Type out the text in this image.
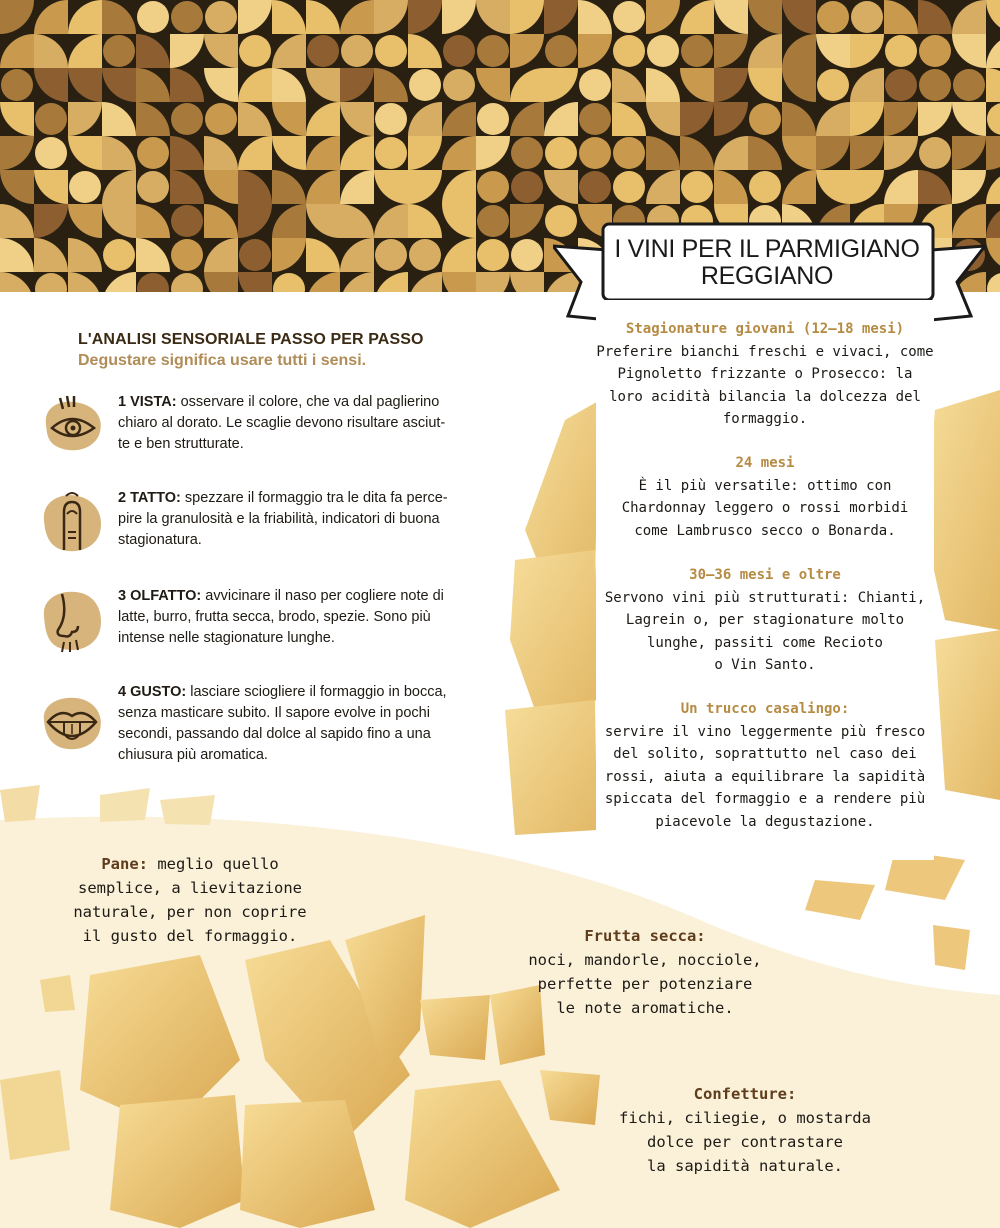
I VINI PER IL PARMIGIANO
REGGIANO
L'ANALISI SENSORIALE PASSO PER PASSO
Degustare significa usare tutti i sensi.
1 VISTA: osservare il colore, che va dal paglierino
chiaro al dorato. Le scaglie devono risultare asciut-
te e ben strutturate.
2 TATTO: spezzare il formaggio tra le dita fa perce-
pire la granulosità e la friabilità, indicatori di buona
stagionatura.
3 OLFATTO: avvicinare il naso per cogliere note di
latte, burro, frutta secca, brodo, spezie. Sono più
intense nelle stagionature lunghe.
4 GUSTO: lasciare sciogliere il formaggio in bocca,
senza masticare subito. Il sapore evolve in pochi
secondi, passando dal dolce al sapido fino a una
chiusura più aromatica.
Stagionature giovani (12–18 mesi)
Preferire bianchi freschi e vivaci, come
Pignoletto frizzante o Prosecco: la
loro acidità bilancia la dolcezza del
formaggio.
24 mesi
È il più versatile: ottimo con
Chardonnay leggero o rossi morbidi
come Lambrusco secco o Bonarda.
30–36 mesi e oltre
Servono vini più strutturati: Chianti,
Lagrein o, per stagionature molto
lunghe, passiti come Recioto
o Vin Santo.
Un trucco casalingo:
servire il vino leggermente più fresco
del solito, soprattutto nel caso dei
rossi, aiuta a equilibrare la sapidità
spiccata del formaggio e a rendere più
piacevole la degustazione.
Pane: meglio quello
semplice, a lievitazione
naturale, per non coprire
il gusto del formaggio.	Frutta secca:
noci, mandorle, nocciole,
perfette per potenziare
le note aromatiche.
Confetture:
fichi, ciliegie, o mostarda
dolce per contrastare
la sapidità naturale.
